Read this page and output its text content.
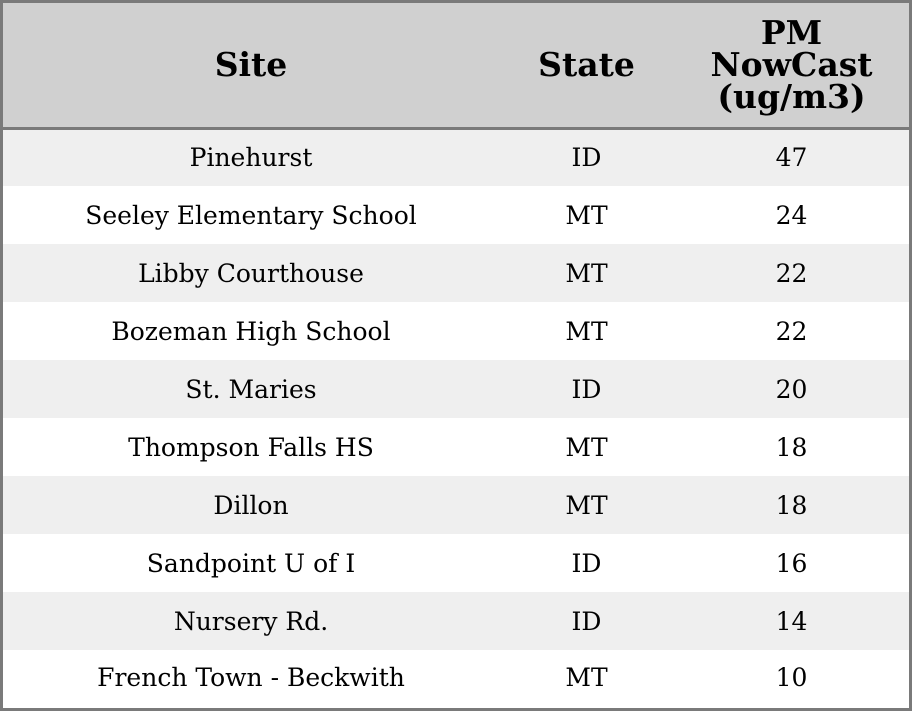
Site	State	PM NowCast (ug/m3)
Pinehurst	ID	47
Seeley Elementary School	MT	24
Libby Courthouse	MT	22
Bozeman High School	MT	22
St. Maries	ID	20
Thompson Falls HS	MT	18
Dillon	MT	18
Sandpoint U of I	ID	16
Nursery Rd.	ID	14
French Town - Beckwith	MT	10
